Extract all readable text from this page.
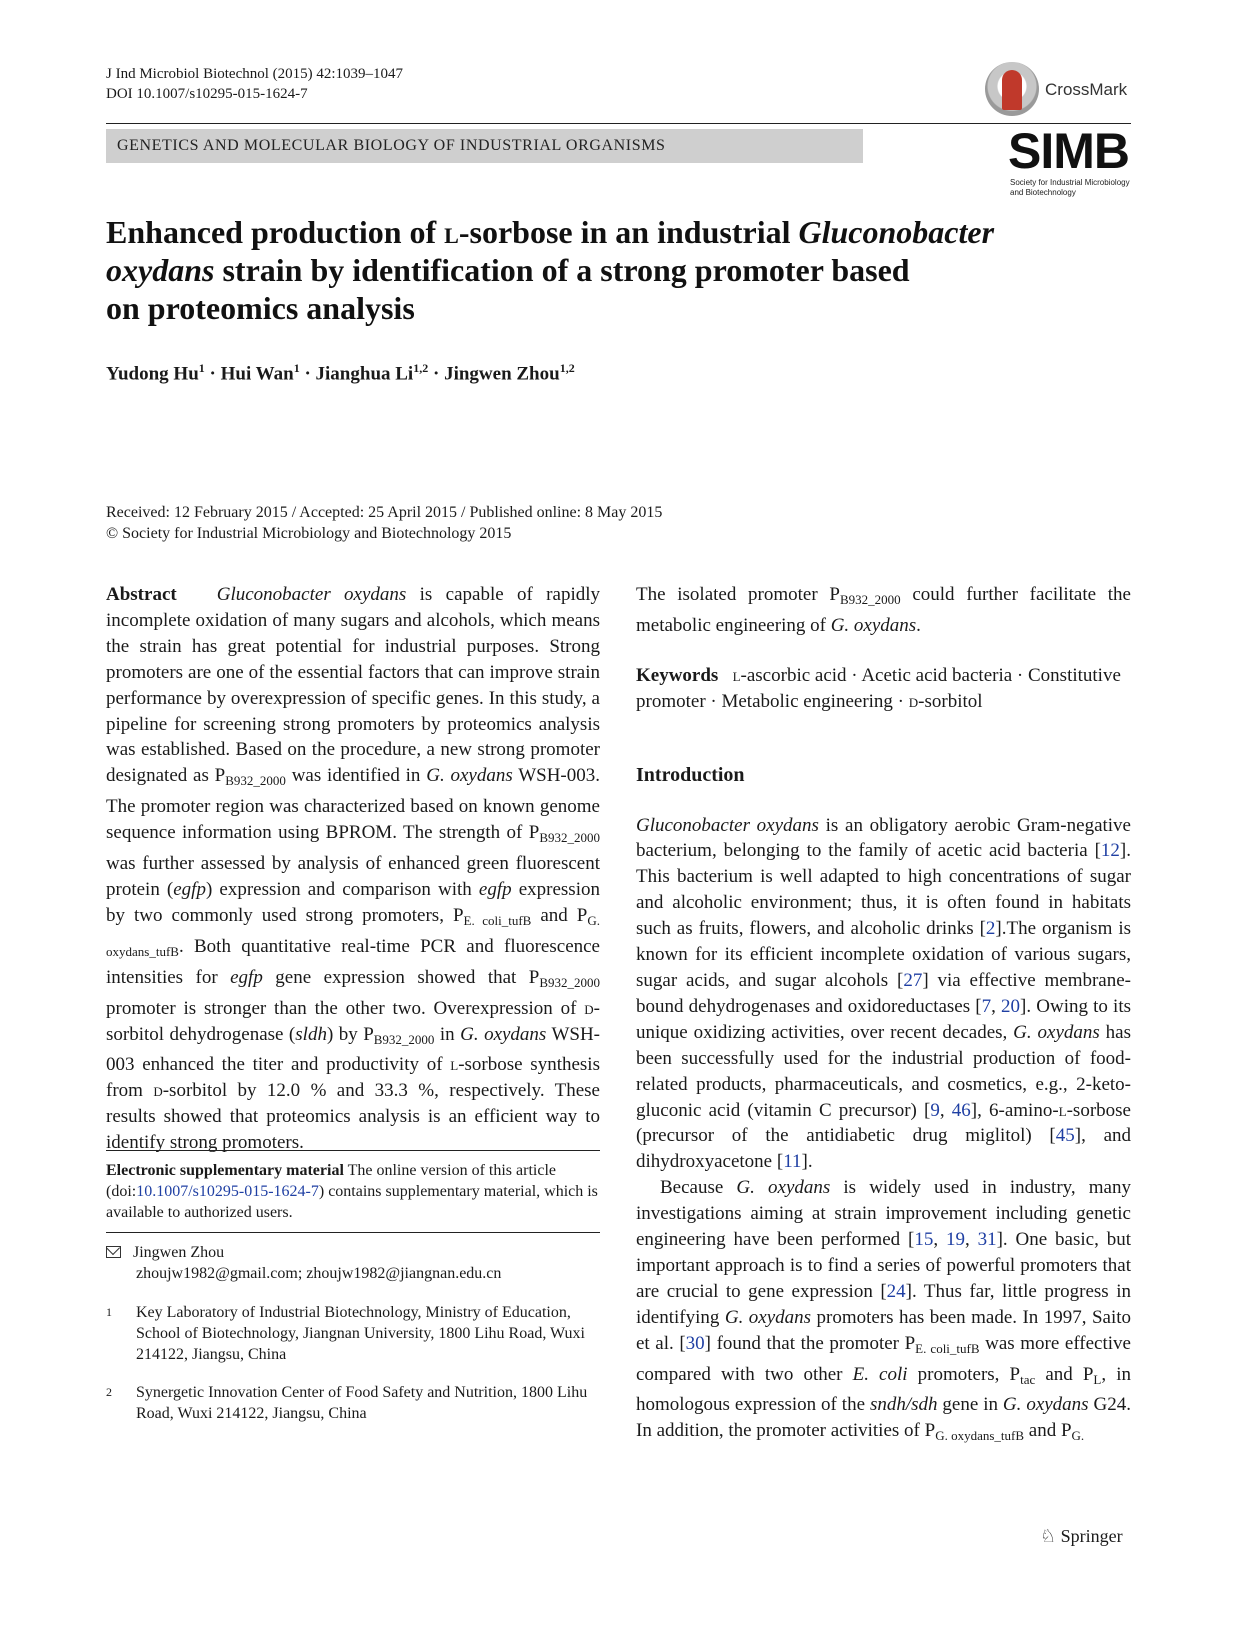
J Ind Microbiol Biotechnol (2015) 42:1039–1047
DOI 10.1007/s10295-015-1624-7	CrossMark
GENETICS AND MOLECULAR BIOLOGY OF INDUSTRIAL ORGANISMS	SIMB
Society for Industrial Microbiology
and Biotechnology
Enhanced production of l-sorbose in an industrial Gluconobacter
oxydans strain by identification of a strong promoter based
on proteomics analysis
Yudong $Hu^1$ · Hui Wan$^1$ · Jianghua Li$^{1,2}$ · Jingwen Zhou$^{1,2}$
Received: 12 February 2015 / Accepted: 25 April 2015 / Published online: 8 May 2015
© Society for Industrial Microbiology and Biotechnology 2015

Abstract Gluconobacter oxydans is capable of rapidly incomplete oxidation of many sugars and alcohols, which means the strain has great potential for industrial purposes. Strong promoters are one of the essential factors that can improve strain performance by overexpression of specific genes. In this study, a pipeline for screening strong promoters by proteomics analysis was established. Based on the procedure, a new strong promoter designated as $P_{B932\_2000}$ was identified in G. oxydans WSH-003. The promoter region was characterized based on known genome sequence information using BPROM. The strength of $P_{B932\_2000}$ was further assessed by analysis of enhanced green fluorescent protein (egfp) expression and comparison with egfp expression by two commonly used strong promoters, $P_{E. coli\_tufB}$ and $P_{G. oxydans\_tufB}$. Both quantitative real-time PCR and fluorescence intensities for egfp gene expression showed that $P_{B932\_2000}$ promoter is stronger than the other two. Overexpression of d-sorbitol dehydrogenase (sldh) by $P_{B932\_2000}$ in G. oxydans WSH-003 enhanced the titer and productivity of l-sorbose synthesis from d-sorbitol by 12.0 % and 33.3 %, respectively. These results showed that proteomics analysis is an efficient way to identify strong promoters.

Electronic supplementary material The online version of this article (doi:10.1007/s10295-015-1624-7) contains supplementary material, which is available to authorized users.
Jingwen Zhou
zhoujw1982@gmail.com; zhoujw1982@jiangnan.edu.cn
1	Key Laboratory of Industrial Biotechnology, Ministry of Education, School of Biotechnology, Jiangnan University, 1800 Lihu Road, Wuxi 214122, Jiangsu, China
2	Synergetic Innovation Center of Food Safety and Nutrition, 1800 Lihu Road, Wuxi 214122, Jiangsu, China

The isolated promoter $P_{B932\_2000}$ could further facilitate the metabolic engineering of G. oxydans.

Keywords l-ascorbic acid · Acetic acid bacteria · Constitutive promoter · Metabolic engineering · d-sorbitol

Introduction

Gluconobacter oxydans is an obligatory aerobic Gram-negative bacterium, belonging to the family of acetic acid bacteria [12]. This bacterium is well adapted to high concentrations of sugar and alcoholic environment; thus, it is often found in habitats such as fruits, flowers, and alcoholic drinks [2].The organism is known for its efficient incomplete oxidation of various sugars, sugar acids, and sugar alcohols [27] via effective membrane-bound dehydrogenases and oxidoreductases [7, 20]. Owing to its unique oxidizing activities, over recent decades, G. oxydans has been successfully used for the industrial production of food-related products, pharmaceuticals, and cosmetics, e.g., 2-keto-gluconic acid (vitamin C precursor) [9, 46], 6-amino-l-sorbose (precursor of the antidiabetic drug miglitol) [45], and dihydroxyacetone [11].

Because G. oxydans is widely used in industry, many investigations aiming at strain improvement including genetic engineering have been performed [15, 19, 31]. One basic, but important approach is to find a series of powerful promoters that are crucial to gene expression [24]. Thus far, little progress in identifying G. oxydans promoters has been made. In 1997, Saito et al. [30] found that the promoter $P_{E. coli\_tufB}$ was more effective compared with two other E. coli promoters, $P_{tac}$ and $P_L$, in homologous expression of the sndh/sdh gene in G. oxydans G24. In addition, the promoter activities of $P_{G. oxydans\_tufB}$ and $P_{G.}$

♘ Springer
